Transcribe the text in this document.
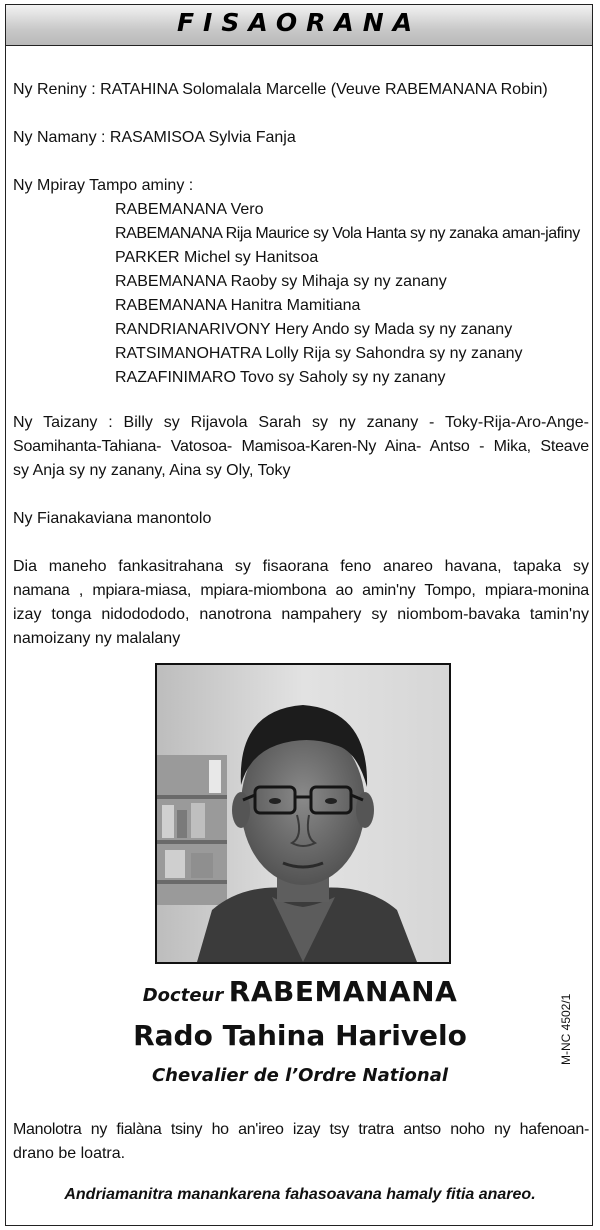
FISAORANA

Ny Reniny : RATAHINA Solomalala Marcelle (Veuve RABEMANANA Robin)

Ny Namany : RASAMISOA Sylvia Fanja

Ny Mpiray Tampo aminy :

RABEMANANA Vero
RABEMANANA Rija Maurice sy Vola Hanta sy ny zanaka aman-jafiny
PARKER Michel sy Hanitsoa
RABEMANANA Raoby sy Mihaja sy ny zanany
RABEMANANA Hanitra Mamitiana
RANDRIANARIVONY Hery Ando sy Mada sy ny zanany
RATSIMANOHATRA Lolly Rija sy Sahondra sy ny zanany
RAZAFINIMARO Tovo sy Saholy sy ny zanany
Ny Taizany : Billy sy Rijavola Sarah sy ny zanany - Toky-Rija-Aro-Ange-
Soamihanta-Tahiana- Vatosoa- Mamisoa-Karen-Ny Aina- Antso - Mika, Steave
sy Anja sy ny zanany, Aina sy Oly, Toky

Ny Fianakaviana manontolo

Dia maneho fankasitrahana sy fisaorana feno anareo havana, tapaka sy
namana , mpiara-miasa, mpiara-miombona ao amin'ny Tompo, mpiara-monina
izay tonga nidodododo, nanotrona nampahery sy niombom-bavaka tamin'ny
namoizany ny malalany
Docteur RABEMANANA
Rado Tahina Harivelo
Chevalier de l’Ordre National
M-NC 4502/1
Manolotra ny fialàna tsiny ho an'ireo izay tsy tratra antso noho ny hafenoan-
drano be loatra.
Andriamanitra manankarena fahasoavana hamaly fitia anareo.
